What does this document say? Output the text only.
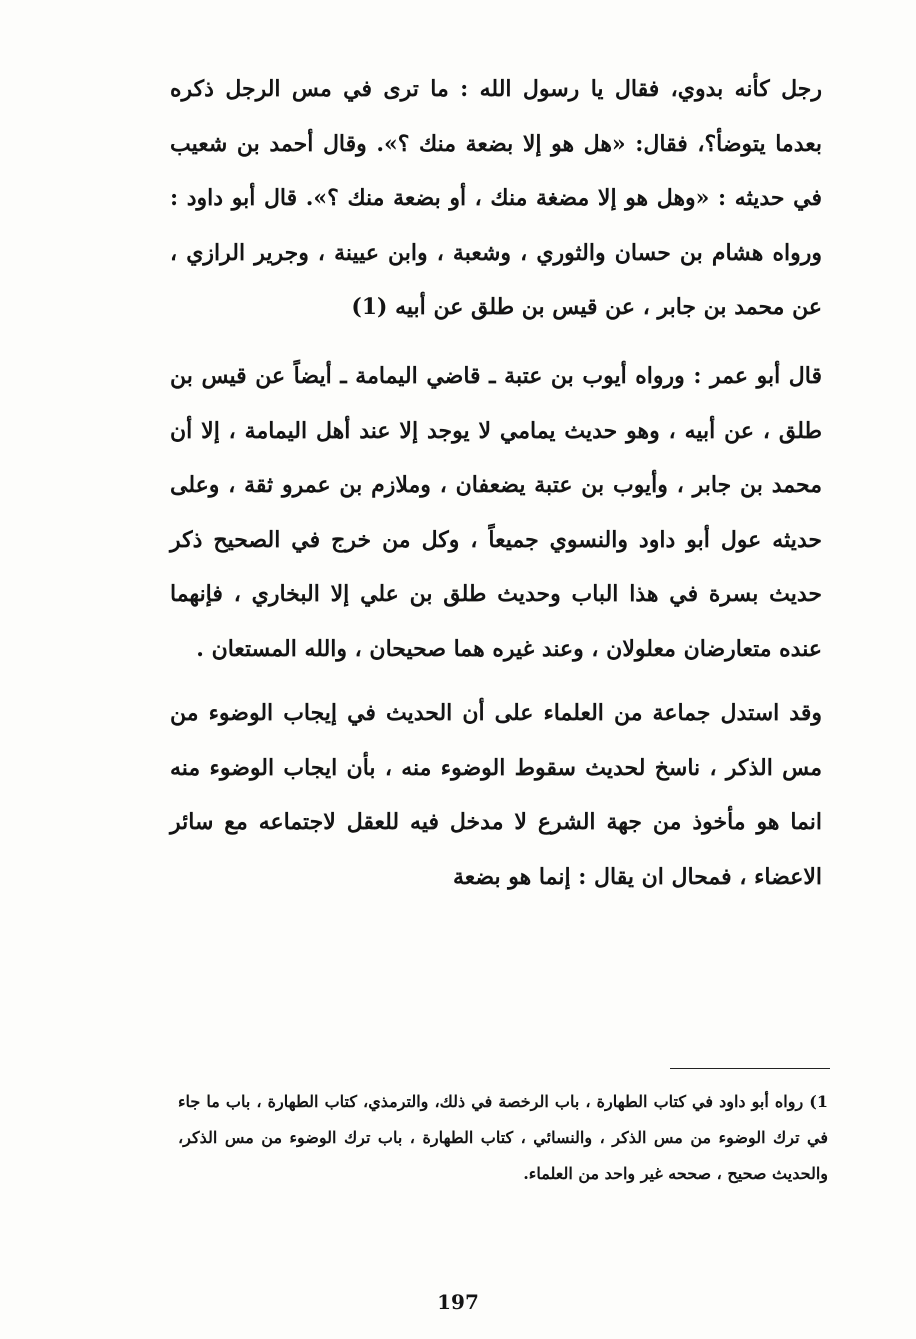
رجل كأنه بدوي، فقال يا رسول الله : ما ترى في مس الرجل ذكره بعدما يتوضأ؟، فقال: «هل هو إلا بضعة منك ؟». وقال أحمد بن شعيب في حديثه : «وهل هو إلا مضغة منك ، أو بضعة منك ؟». قال أبو داود : ورواه هشام بن حسان والثوري ، وشعبة ، وابن عيينة ، وجرير الرازي ، عن محمد بن جابر ، عن قيس بن طلق عن أبيه (1)

قال أبو عمر : ورواه أيوب بن عتبة ـ قاضي اليمامة ـ أيضاً عن قيس بن طلق ، عن أبيه ، وهو حديث يمامي لا يوجد إلا عند أهل اليمامة ، إلا أن محمد بن جابر ، وأيوب بن عتبة يضعفان ، وملازم بن عمرو ثقة ، وعلى حديثه عول أبو داود والنسوي جميعاً ، وكل من خرج في الصحيح ذكر حديث بسرة في هذا الباب وحديث طلق بن علي إلا البخاري ، فإنهما عنده متعارضان معلولان ، وعند غيره هما صحيحان ، والله المستعان .

وقد استدل جماعة من العلماء على أن الحديث في إيجاب الوضوء من مس الذكر ، ناسخ لحديث سقوط الوضوء منه ، بأن ايجاب الوضوء منه انما هو مأخوذ من جهة الشرع لا مدخل فيه للعقل لاجتماعه مع سائر الاعضاء ، فمحال ان يقال : إنما هو بضعة

1) رواه أبو داود في كتاب الطهارة ، باب الرخصة في ذلك، والترمذي، كتاب الطهارة ، باب ما جاء في ترك الوضوء من مس الذكر ، والنسائي ، كتاب الطهارة ، باب ترك الوضوء من مس الذكر، والحديث صحيح ، صححه غير واحد من العلماء.

197
